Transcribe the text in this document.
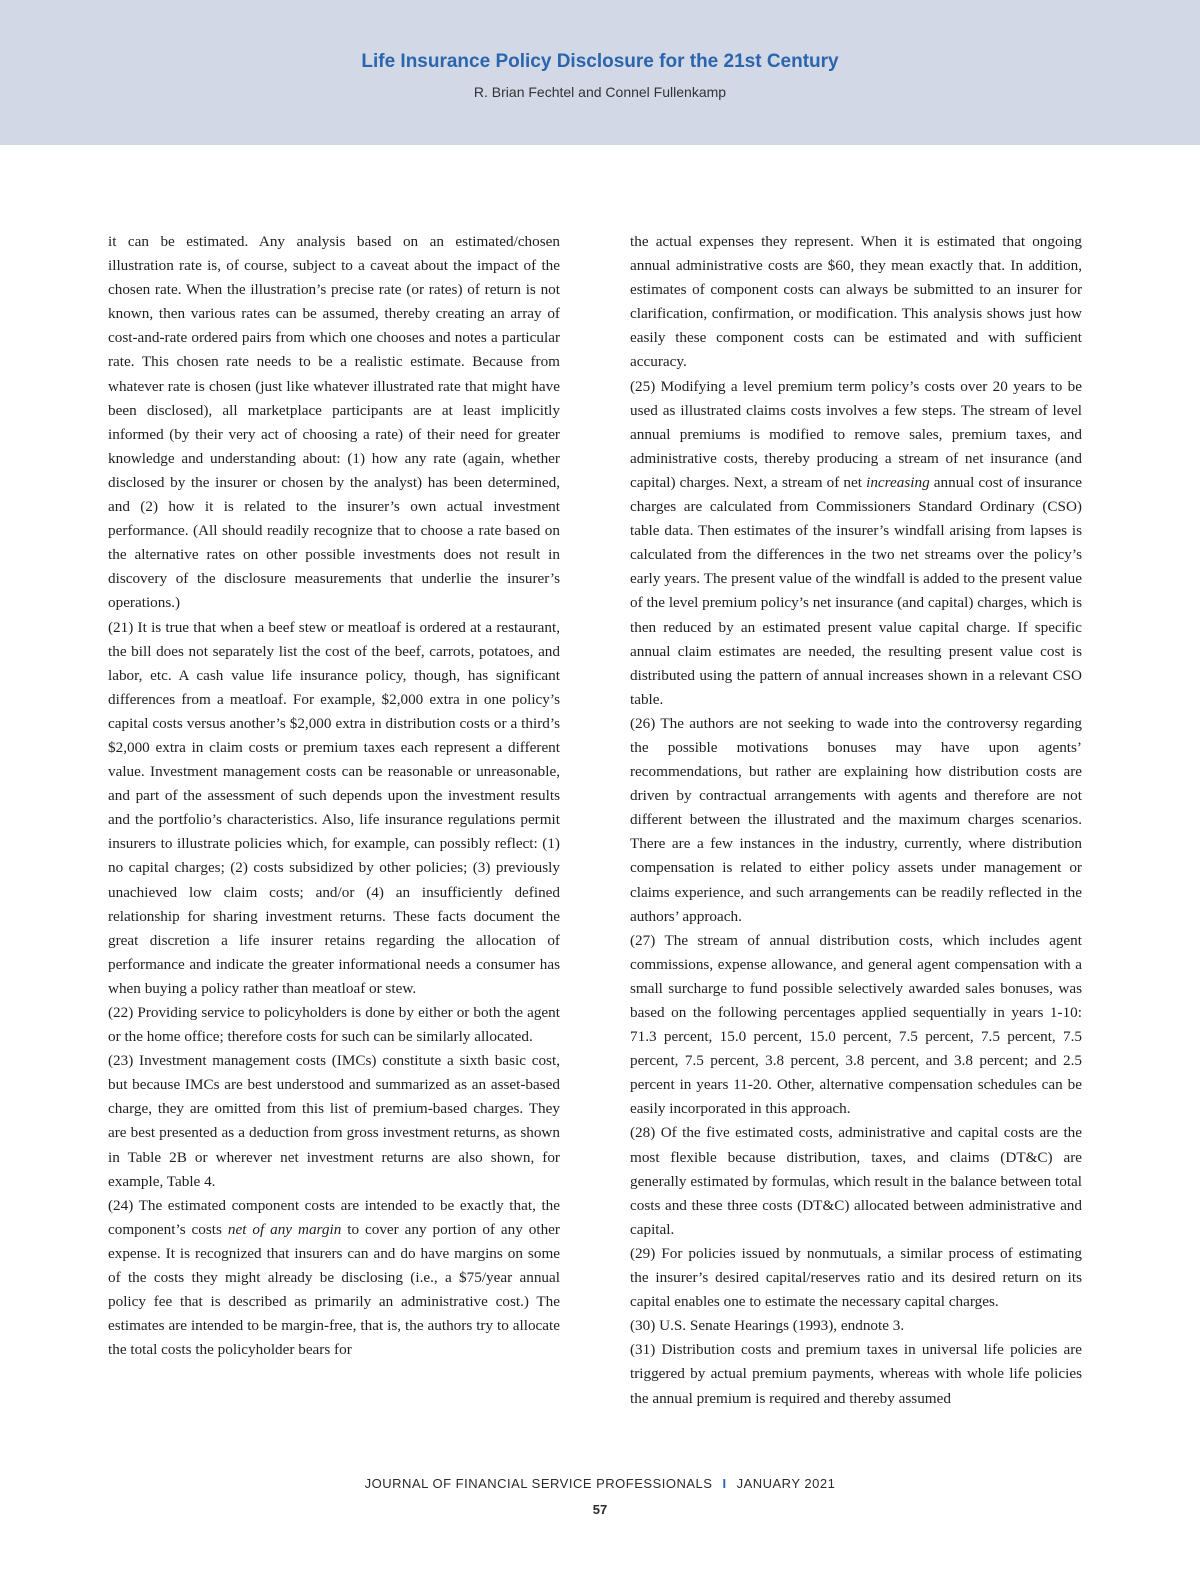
Life Insurance Policy Disclosure for the 21st Century
R. Brian Fechtel and Connel Fullenkamp

it can be estimated. Any analysis based on an estimated/chosen illustration rate is, of course, subject to a caveat about the impact of the chosen rate. When the illustration’s precise rate (or rates) of return is not known, then various rates can be assumed, thereby creating an array of cost-and-rate ordered pairs from which one chooses and notes a particular rate. This chosen rate needs to be a realistic estimate. Because from whatever rate is chosen (just like whatever illustrated rate that might have been disclosed), all marketplace participants are at least implicitly informed (by their very act of choosing a rate) of their need for greater knowledge and understanding about: (1) how any rate (again, whether disclosed by the insurer or chosen by the analyst) has been determined, and (2) how it is related to the insurer’s own actual investment performance. (All should readily recognize that to choose a rate based on the alternative rates on other possible investments does not result in discovery of the disclosure measurements that underlie the insurer’s operations.)

(21) It is true that when a beef stew or meatloaf is ordered at a restaurant, the bill does not separately list the cost of the beef, carrots, potatoes, and labor, etc. A cash value life insurance policy, though, has significant differences from a meatloaf. For example, $2,000 extra in one policy’s capital costs versus another’s $2,000 extra in distribution costs or a third’s $2,000 extra in claim costs or premium taxes each represent a different value. Investment management costs can be reasonable or unreasonable, and part of the assessment of such depends upon the investment results and the portfolio’s characteristics. Also, life insurance regulations permit insurers to illustrate policies which, for example, can possibly reflect: (1) no capital charges; (2) costs subsidized by other policies; (3) previously unachieved low claim costs; and/or (4) an insufficiently defined relationship for sharing investment returns. These facts document the great discretion a life insurer retains regarding the allocation of performance and indicate the greater informational needs a consumer has when buying a policy rather than meatloaf or stew.

(22) Providing service to policyholders is done by either or both the agent or the home office; therefore costs for such can be similarly allocated.

(23) Investment management costs (IMCs) constitute a sixth basic cost, but because IMCs are best understood and summarized as an asset-based charge, they are omitted from this list of premium-based charges. They are best presented as a deduction from gross investment returns, as shown in Table 2B or wherever net investment returns are also shown, for example, Table 4.

(24) The estimated component costs are intended to be exactly that, the component’s costs net of any margin to cover any portion of any other expense. It is recognized that insurers can and do have margins on some of the costs they might already be disclosing (i.e., a $75/year annual policy fee that is described as primarily an administrative cost.) The estimates are intended to be margin-free, that is, the authors try to allocate the total costs the policyholder bears for

the actual expenses they represent. When it is estimated that ongoing annual administrative costs are $60, they mean exactly that. In addition, estimates of component costs can always be submitted to an insurer for clarification, confirmation, or modification. This analysis shows just how easily these component costs can be estimated and with sufficient accuracy.

(25) Modifying a level premium term policy’s costs over 20 years to be used as illustrated claims costs involves a few steps. The stream of level annual premiums is modified to remove sales, premium taxes, and administrative costs, thereby producing a stream of net insurance (and capital) charges. Next, a stream of net increasing annual cost of insurance charges are calculated from Commissioners Standard Ordinary (CSO) table data. Then estimates of the insurer’s windfall arising from lapses is calculated from the differences in the two net streams over the policy’s early years. The present value of the windfall is added to the present value of the level premium policy’s net insurance (and capital) charges, which is then reduced by an estimated present value capital charge. If specific annual claim estimates are needed, the resulting present value cost is distributed using the pattern of annual increases shown in a relevant CSO table.

(26) The authors are not seeking to wade into the controversy regarding the possible motivations bonuses may have upon agents’ recommendations, but rather are explaining how distribution costs are driven by contractual arrangements with agents and therefore are not different between the illustrated and the maximum charges scenarios. There are a few instances in the industry, currently, where distribution compensation is related to either policy assets under management or claims experience, and such arrangements can be readily reflected in the authors’ approach.

(27) The stream of annual distribution costs, which includes agent commissions, expense allowance, and general agent compensation with a small surcharge to fund possible selectively awarded sales bonuses, was based on the following percentages applied sequentially in years 1-10: 71.3 percent, 15.0 percent, 15.0 percent, 7.5 percent, 7.5 percent, 7.5 percent, 7.5 percent, 3.8 percent, 3.8 percent, and 3.8 percent; and 2.5 percent in years 11-20. Other, alternative compensation schedules can be easily incorporated in this approach.

(28) Of the five estimated costs, administrative and capital costs are the most flexible because distribution, taxes, and claims (DT&C) are generally estimated by formulas, which result in the balance between total costs and these three costs (DT&C) allocated between administrative and capital.

(29) For policies issued by nonmutuals, a similar process of estimating the insurer’s desired capital/reserves ratio and its desired return on its capital enables one to estimate the necessary capital charges.

(30) U.S. Senate Hearings (1993), endnote 3.

(31) Distribution costs and premium taxes in universal life policies are triggered by actual premium payments, whereas with whole life policies the annual premium is required and thereby assumed

JOURNAL OF FINANCIAL SERVICE PROFESSIONALS I JANUARY 2021
57
